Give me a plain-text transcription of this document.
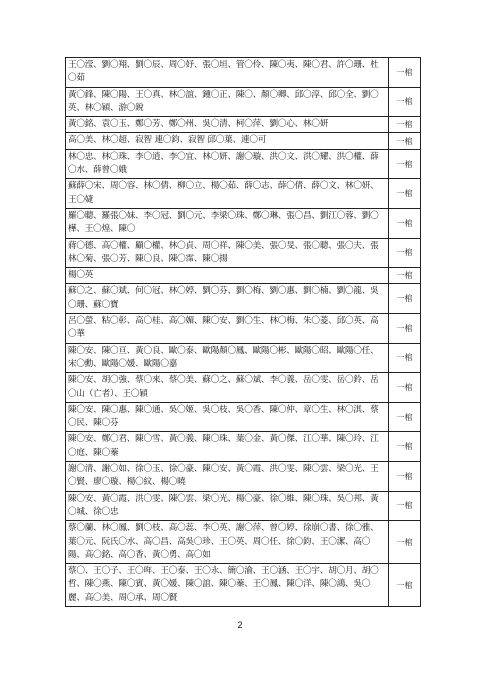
王〇滢、劉〇翔、劉〇辰、周〇妤、張〇垣、管〇伶、陳〇夷、陳〇君、許〇珊、杜〇茹	一棺
黃〇鋒、陳〇陽、王〇真、林〇誼、鍾〇正、陳〇、顏〇卿、邱〇淳、邱〇全、劉〇英、林〇穎、游〇銳	一棺
黃〇銘、袁〇玉、鄭〇芳、鄭〇州、吳〇清、柯〇萍、劉〇心、林〇妍	一棺
高〇美、林〇超、寂智 連〇鈞、寂智 邱〇葉、連〇可	一棺
林〇忠、林〇珠、李〇逍、李〇宜、林〇妍、謝〇璇、洪〇文、洪〇耀、洪〇權、薛〇水、薛曾〇娥	一棺
蘇薛〇宋、周〇容、林〇倩、柳〇立、楊〇茹、薛〇志、薛〇倩、薛〇文、林〇妍、王〇婕	一棺
羅〇聰、羅張〇妹、李〇冠、劉〇元、李梁〇珠、鄭〇琳、張〇昌、劉江〇蓉、劉〇樺、王〇煌、陳〇	一棺
蔣〇德、高〇權、顧〇權、林〇貞、周〇祥、陳〇美、張〇旻、張〇聰、張〇夫、張林〇菊、張〇芳、陳〇良、陳〇霈、陳〇揚	一棺
楊〇英	一棺
蘇〇之、蘇〇斌、何〇冠、林〇婷、劉〇芬、劉〇梅、劉〇惠、劉〇楠、劉〇龍、吳〇珊、蘇〇寶	一棺
呂〇螢、粘〇彰、高〇桂、高〇媚、陳〇安、劉〇生、林〇梅、朱〇菱、邱〇英、高〇華	一棺
陳〇安、陳〇亘、黃〇良、歐〇泰、歐陽顏〇鳳、歐陽〇彬、歐陽〇昭、歐陽〇任、宋〇勳、歐陽〇媛、歐陽〇嘉	一棺
陳〇安、胡〇強、蔡〇來、蔡〇美、蘇〇之、蘇〇斌、李〇義、岳〇雯、岳〇鈴、岳〇山（亡者）、王〇穎	一棺
陳〇安、陳〇惠、陳〇通、吳〇姬、吳〇枝、吳〇香、陳〇仲、章〇生、林〇淇、蔡〇民、陳〇芬	一棺
陳〇安、鄭〇君、陳〇雪、黃〇義、陳〇珠、葉〇金、黃〇傑、江〇華、陳〇玲、江〇庭、陳〇蓁	一棺
謝〇清、謝〇如、徐〇玉、徐〇豪、陳〇安、黃〇霞、洪〇雯、陳〇雲、梁〇光、王〇賢、廖〇璇、楊〇紋、楊〇曉	一棺
陳〇安、黃〇霞、洪〇雯、陳〇雲、梁〇光、楊〇豪、徐〇維、陳〇珠、吳〇邦、黃〇城、徐〇忠	一棺
蔡〇蘭、林〇鳳、劉〇枝、高〇蕊、李〇英、謝〇萍、曾〇婷、徐崩〇書、徐〇雅、葉〇元、阮氏〇水、高〇昌、高吳〇珍、王〇英、周〇任、徐〇鈞、王〇潔、高〇陽、高〇銘、高〇香、黃〇勇、高〇如	一棺
蔡〇、王〇子、王〇哖、王〇泰、王〇永、簡〇渝、王〇涵、王〇宇、胡〇月、胡〇哲、陳〇燕、陳〇賓、黃〇媛、陳〇誼、陳〇蓁、王〇鳳、陳〇洋、陳〇鴻、吳〇麗、高〇美、周〇承、周〇賢	一棺
2
